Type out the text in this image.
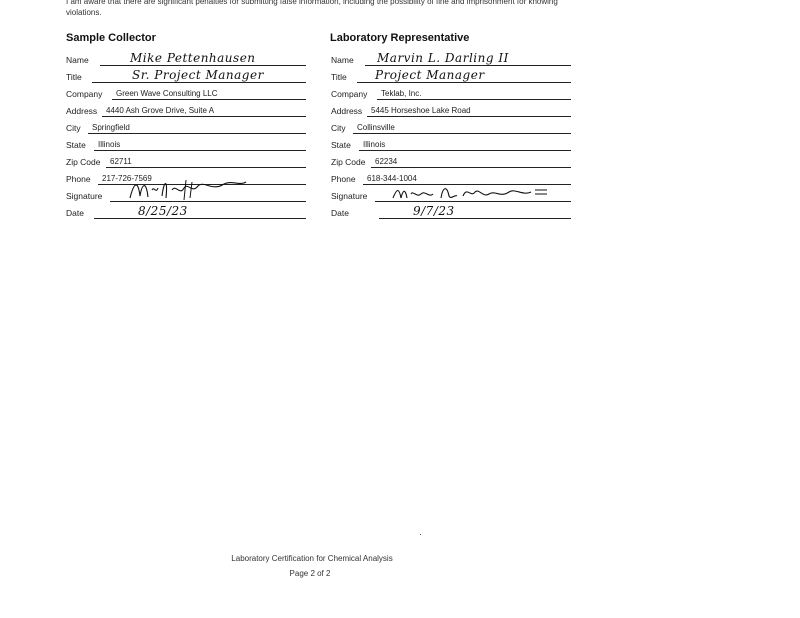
I am aware that there are significant penalties for submitting false information, including the possibility of fine and imprisonment for knowing violations.
Sample Collector
Name	Mike Pettenhausen
Title	Sr. Project Manager
Company Green Wave Consulting LLC
Address 4440 Ash Grove Drive, Suite A
City Springfield
State Illinois
Zip Code 62711
Phone 217-726-7569
Signature
Date	8/25/23
Laboratory Representative
Name Marvin L. Darling II
Title Project Manager
Company Teklab, Inc.
Address 5445 Horseshoe Lake Road
City Collinsville
State Illinois
Zip Code 62234
Phone 618-344-1004
Signature
Date	9/7/23
Laboratory Certification for Chemical Analysis
Page 2 of 2
